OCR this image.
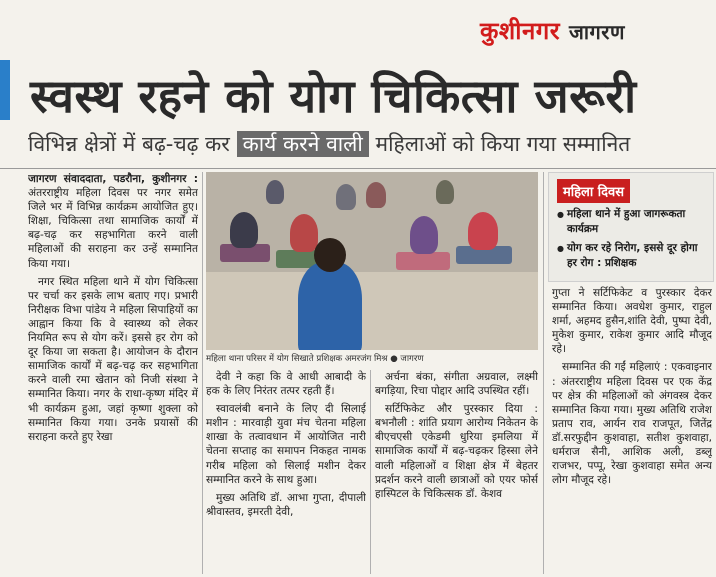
कुशीनगर जागरण
स्वस्थ रहने को योग चिकित्सा जरूरी
विभिन्न क्षेत्रों में बढ़-चढ़ कर कार्य करने वाली महिलाओं को किया गया सम्मानित

जागरण संवाददाता, पडरौना, कुशीनगर : अंतरराष्ट्रीय महिला दिवस पर नगर समेत जिले भर में विभिन्न कार्यक्रम आयोजित हुए। शिक्षा, चिकित्सा तथा सामाजिक कार्यों में बढ़-चढ़ कर सहभागिता करने वाली महिलाओं की सराहना कर उन्हें सम्मानित किया गया।

नगर स्थित महिला थाने में योग चिकित्सा पर चर्चा कर इसके लाभ बताए गए। प्रभारी निरीक्षक विभा पांडेय ने महिला सिपाहियों का आह्वान किया कि वे स्वास्थ्य को लेकर नियमित रूप से योग करें। इससे हर रोग को दूर किया जा सकता है। आयोजन के दौरान सामाजिक कार्यों में बढ़-चढ़ कर सहभागिता करने वाली रमा खेतान को निजी संस्था ने सम्मानित किया। नगर के राधा-कृष्ण मंदिर में भी कार्यक्रम हुआ, जहां कृष्णा शुक्ला को सम्मानित किया गया। उनके प्रयासों की सराहना करते हुए रेखा

महिला थाना परिसर में योग सिखाते प्रशिक्षक अमरजंग मिश्र ● जागरण

देवी ने कहा कि वे आधी आबादी के हक के लिए निरंतर तत्पर रहती हैं।

स्वावलंबी बनाने के लिए दी सिलाई मशीन : मारवाड़ी युवा मंच चेतना महिला शाखा के तत्वावधान में आयोजित नारी चेतना सप्ताह का समापन निकहत नामक गरीब महिला को सिलाई मशीन देकर सम्मानित करने के साथ हुआ।

मुख्य अतिथि डॉ. आभा गुप्ता, दीपाली श्रीवास्तव, इमरती देवी,

अर्चना बंका, संगीता अग्रवाल, लक्ष्मी बगड़िया, रिचा पोद्दार आदि उपस्थित रहीं।

सर्टिफिकेट और पुरस्कार दिया : बभनौली : शांति प्रयाग आरोग्य निकेतन के बीएचएसी एकेडमी धुरिया इमलिया में सामाजिक कार्यों में बढ़-चढ़कर हिस्सा लेने वाली महिलाओं व शिक्षा क्षेत्र में बेहतर प्रदर्शन करने वाली छात्राओं को एयर फोर्स हास्पिटल के चिकित्सक डॉ. केशव

महिला दिवस
● महिला थाने में हुआ जागरूकता कार्यक्रम
● योग कर रहे निरोग, इससे दूर होगा हर रोग : प्रशिक्षक

गुप्ता ने सर्टिफिकेट व पुरस्कार देकर सम्मानित किया। अवधेश कुमार, राहुल शर्मा, अहमद हुसैन,शांति देवी, पुष्पा देवी, मुकेश कुमार, राकेश कुमार आदि मौजूद रहे।

सम्मानित की गईं महिलाएं : एकवाइनार : अंतरराष्ट्रीय महिला दिवस पर एक केंद्र पर क्षेत्र की महिलाओं को अंगवस्त्र देकर सम्मानित किया गया। मुख्य अतिथि राजेश प्रताप राव, आर्यन राव राजपूत, जितेंद्र डॉ.सरफुद्दीन कुशवाहा, सतीश कुशवाहा, धर्मराज सैनी, आशिक अली, डब्लू राजभर, पप्पू, रेखा कुशवाहा समेत अन्य लोग मौजूद रहे।
